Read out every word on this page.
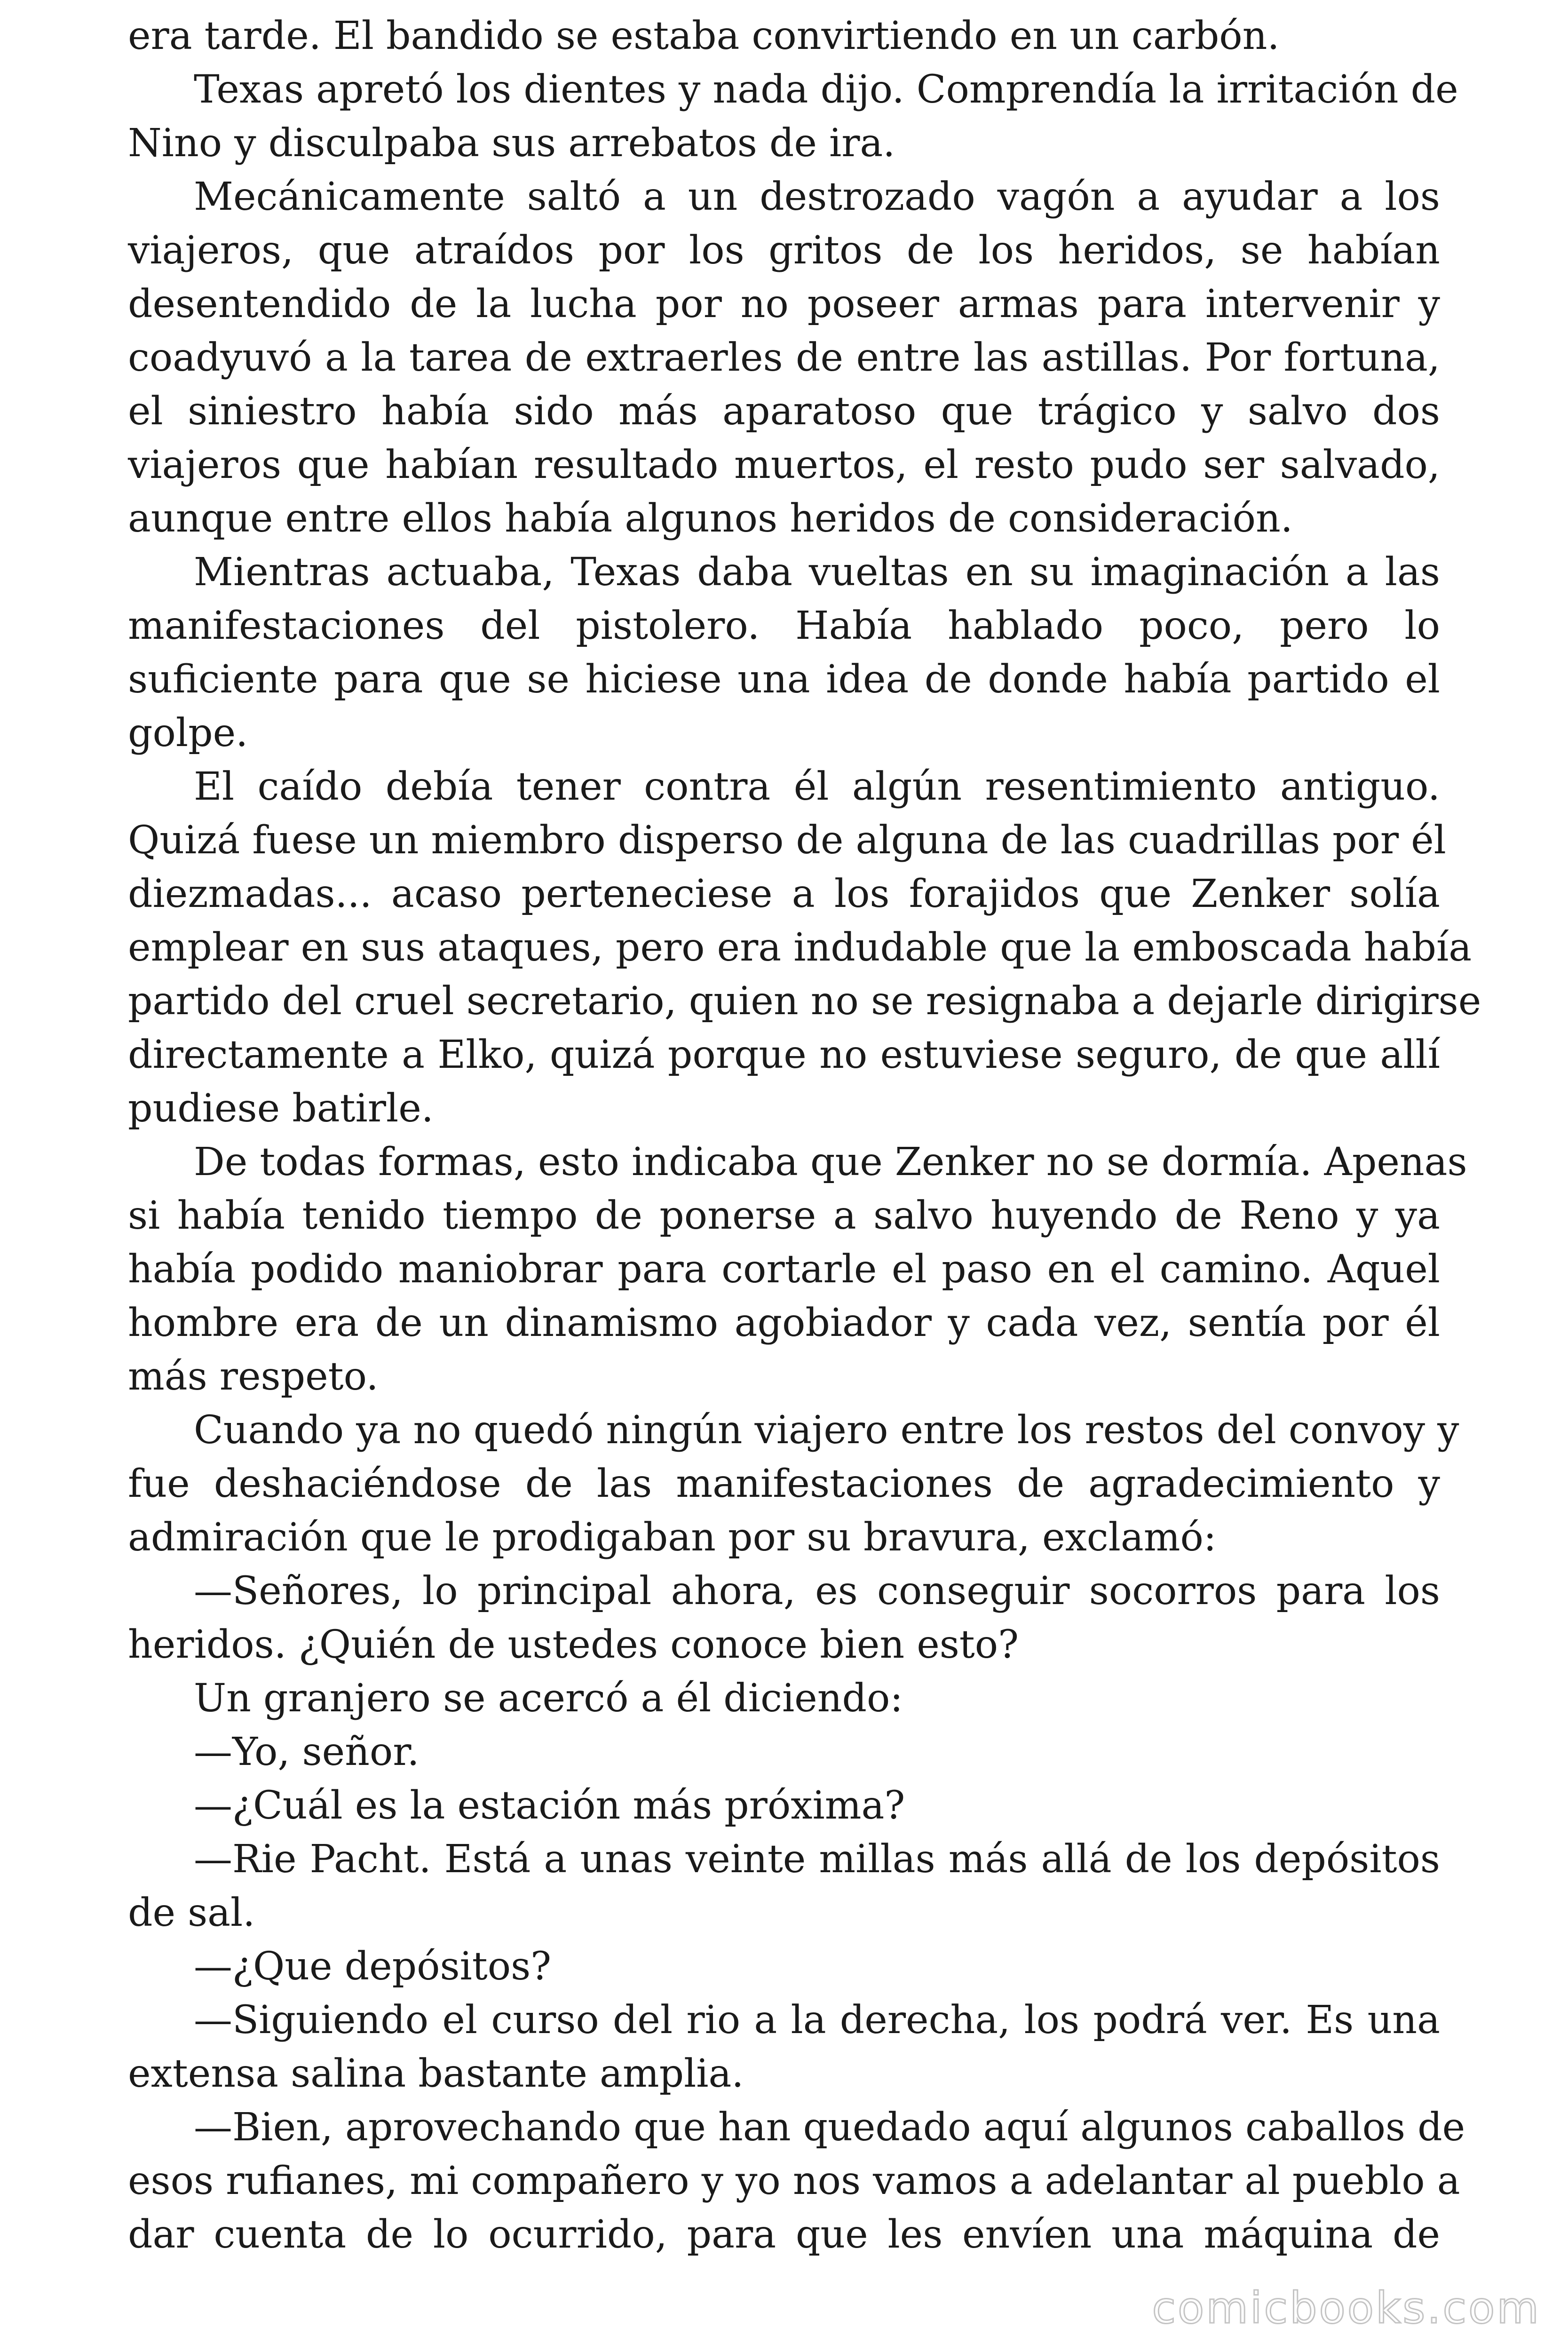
era tarde. El bandido se estaba convirtiendo en un carbón.
Texas apretó los dientes y nada dijo. Comprendía la irritación de
Nino y disculpaba sus arrebatos de ira.
Mecánicamente saltó a un destrozado vagón a ayudar a los
viajeros, que atraídos por los gritos de los heridos, se habían
desentendido de la lucha por no poseer armas para intervenir y
coadyuvó a la tarea de extraerles de entre las astillas. Por fortuna,
el siniestro había sido más aparatoso que trágico y salvo dos
viajeros que habían resultado muertos, el resto pudo ser salvado,
aunque entre ellos había algunos heridos de consideración.
Mientras actuaba, Texas daba vueltas en su imaginación a las
manifestaciones del pistolero. Había hablado poco, pero lo
suficiente para que se hiciese una idea de donde había partido el
golpe.
El caído debía tener contra él algún resentimiento antiguo.
Quizá fuese un miembro disperso de alguna de las cuadrillas por él
diezmadas... acaso perteneciese a los forajidos que Zenker solía
emplear en sus ataques, pero era indudable que la emboscada había
partido del cruel secretario, quien no se resignaba a dejarle dirigirse
directamente a Elko, quizá porque no estuviese seguro, de que allí
pudiese batirle.
De todas formas, esto indicaba que Zenker no se dormía. Apenas
si había tenido tiempo de ponerse a salvo huyendo de Reno y ya
había podido maniobrar para cortarle el paso en el camino. Aquel
hombre era de un dinamismo agobiador y cada vez, sentía por él
más respeto.
Cuando ya no quedó ningún viajero entre los restos del convoy y
fue deshaciéndose de las manifestaciones de agradecimiento y
admiración que le prodigaban por su bravura, exclamó:
—Señores, lo principal ahora, es conseguir socorros para los
heridos. ¿Quién de ustedes conoce bien esto?
Un granjero se acercó a él diciendo:
—Yo, señor.
—¿Cuál es la estación más próxima?
—Rie Pacht. Está a unas veinte millas más allá de los depósitos
de sal.
—¿Que depósitos?
—Siguiendo el curso del rio a la derecha, los podrá ver. Es una
extensa salina bastante amplia.
—Bien, aprovechando que han quedado aquí algunos caballos de
esos rufianes, mi compañero y yo nos vamos a adelantar al pueblo a
dar cuenta de lo ocurrido, para que les envíen una máquina de
comicbooks.com
